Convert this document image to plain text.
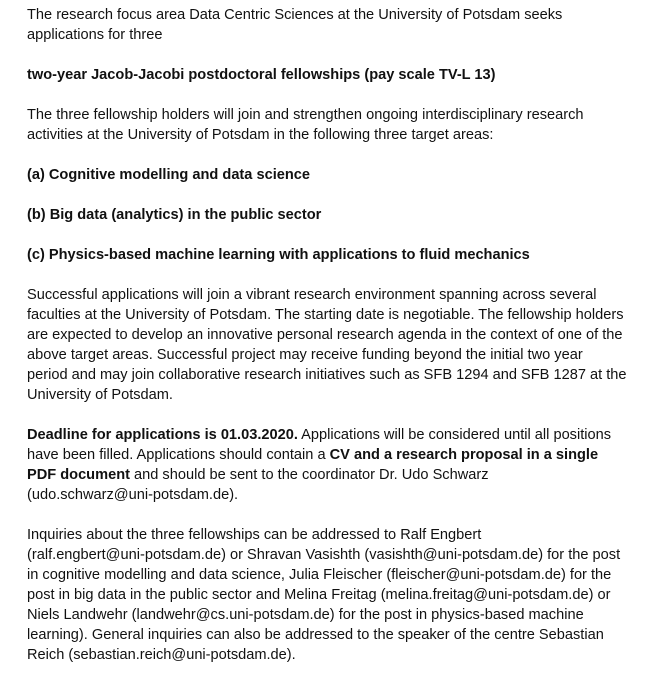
The research focus area Data Centric Sciences at the University of Potsdam seeks
applications for three

two-year Jacob-Jacobi postdoctoral fellowships (pay scale TV-L 13)

The three fellowship holders will join and strengthen ongoing interdisciplinary research
activities at the University of Potsdam in the following three target areas:

(a) Cognitive modelling and data science

(b) Big data (analytics) in the public sector

(c) Physics-based machine learning with applications to fluid mechanics

Successful applications will join a vibrant research environment spanning across several
faculties at the University of Potsdam. The starting date is negotiable. The fellowship holders
are expected to develop an innovative personal research agenda in the context of one of the
above target areas. Successful project may receive funding beyond the initial two year
period and may join collaborative research initiatives such as SFB 1294 and SFB 1287 at the
University of Potsdam.

Deadline for applications is 01.03.2020. Applications will be considered until all positions
have been filled. Applications should contain a CV and a research proposal in a single
PDF document and should be sent to the coordinator Dr. Udo Schwarz
(udo.schwarz@uni-potsdam.de).

Inquiries about the three fellowships can be addressed to Ralf Engbert
(ralf.engbert@uni-potsdam.de) or Shravan Vasishth (vasishth@uni-potsdam.de) for the post
in cognitive modelling and data science, Julia Fleischer (fleischer@uni-potsdam.de) for the
post in big data in the public sector and Melina Freitag (melina.freitag@uni-potsdam.de) or
Niels Landwehr (landwehr@cs.uni-potsdam.de) for the post in physics-based machine
learning). General inquiries can also be addressed to the speaker of the centre Sebastian
Reich (sebastian.reich@uni-potsdam.de).
